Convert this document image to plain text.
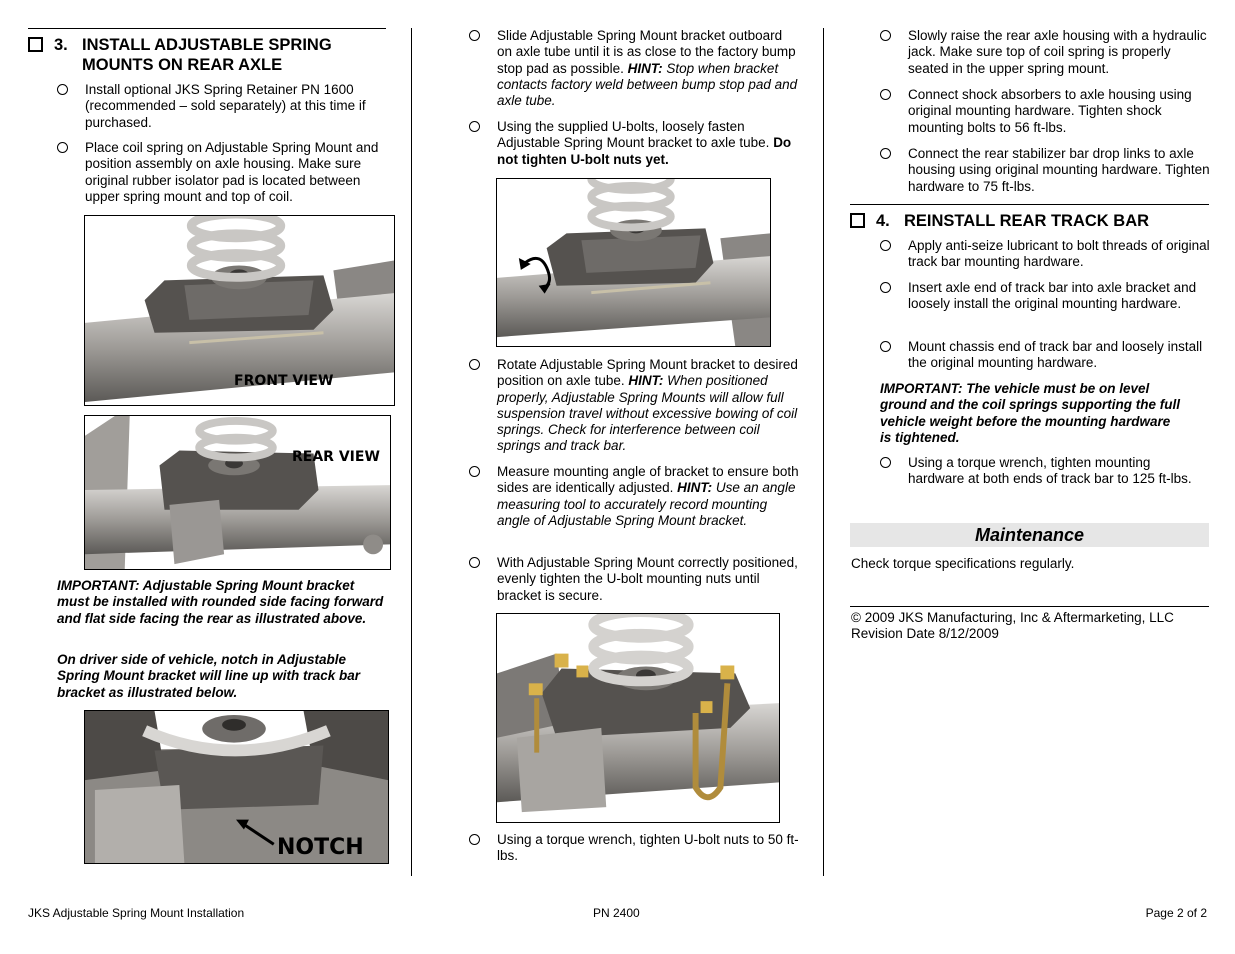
3. INSTALL ADJUSTABLE SPRING MOUNTS ON REAR AXLE
Install optional JKS Spring Retainer PN 1600 (recommended – sold separately) at this time if purchased.
Place coil spring on Adjustable Spring Mount and position assembly on axle housing. Make sure original rubber isolator pad is located between upper spring mount and top of coil.
FRONT VIEW
REAR VIEW
IMPORTANT: Adjustable Spring Mount bracket must be installed with rounded side facing forward and flat side facing the rear as illustrated above.
On driver side of vehicle, notch in Adjustable Spring Mount bracket will line up with track bar bracket as illustrated below.
NOTCH
Slide Adjustable Spring Mount bracket outboard on axle tube until it is as close to the factory bump stop pad as possible. HINT: Stop when bracket contacts factory weld between bump stop pad and axle tube.
Using the supplied U-bolts, loosely fasten Adjustable Spring Mount bracket to axle tube. Do not tighten U-bolt nuts yet.
Rotate Adjustable Spring Mount bracket to desired position on axle tube. HINT: When positioned properly, Adjustable Spring Mounts will allow full suspension travel without excessive bowing of coil springs. Check for interference between coil springs and track bar.
Measure mounting angle of bracket to ensure both sides are identically adjusted. HINT: Use an angle measuring tool to accurately record mounting angle of Adjustable Spring Mount bracket.
With Adjustable Spring Mount correctly positioned, evenly tighten the U-bolt mounting nuts until bracket is secure.
Using a torque wrench, tighten U-bolt nuts to 50 ft-lbs.
Slowly raise the rear axle housing with a hydraulic jack. Make sure top of coil spring is properly seated in the upper spring mount.
Connect shock absorbers to axle housing using original mounting hardware. Tighten shock mounting bolts to 56 ft-lbs.
Connect the rear stabilizer bar drop links to axle housing using original mounting hardware. Tighten hardware to 75 ft-lbs.
4. REINSTALL REAR TRACK BAR
Apply anti-seize lubricant to bolt threads of original track bar mounting hardware.
Insert axle end of track bar into axle bracket and loosely install the original mounting hardware.
Mount chassis end of track bar and loosely install the original mounting hardware.
IMPORTANT: The vehicle must be on level ground and the coil springs supporting the full vehicle weight before the mounting hardware is tightened.
Using a torque wrench, tighten mounting hardware at both ends of track bar to 125 ft-lbs.
Maintenance
Check torque specifications regularly.
© 2009 JKS Manufacturing, Inc & Aftermarketing, LLC
Revision Date 8/12/2009
JKS Adjustable Spring Mount Installation	PN 2400	Page 2 of 2
